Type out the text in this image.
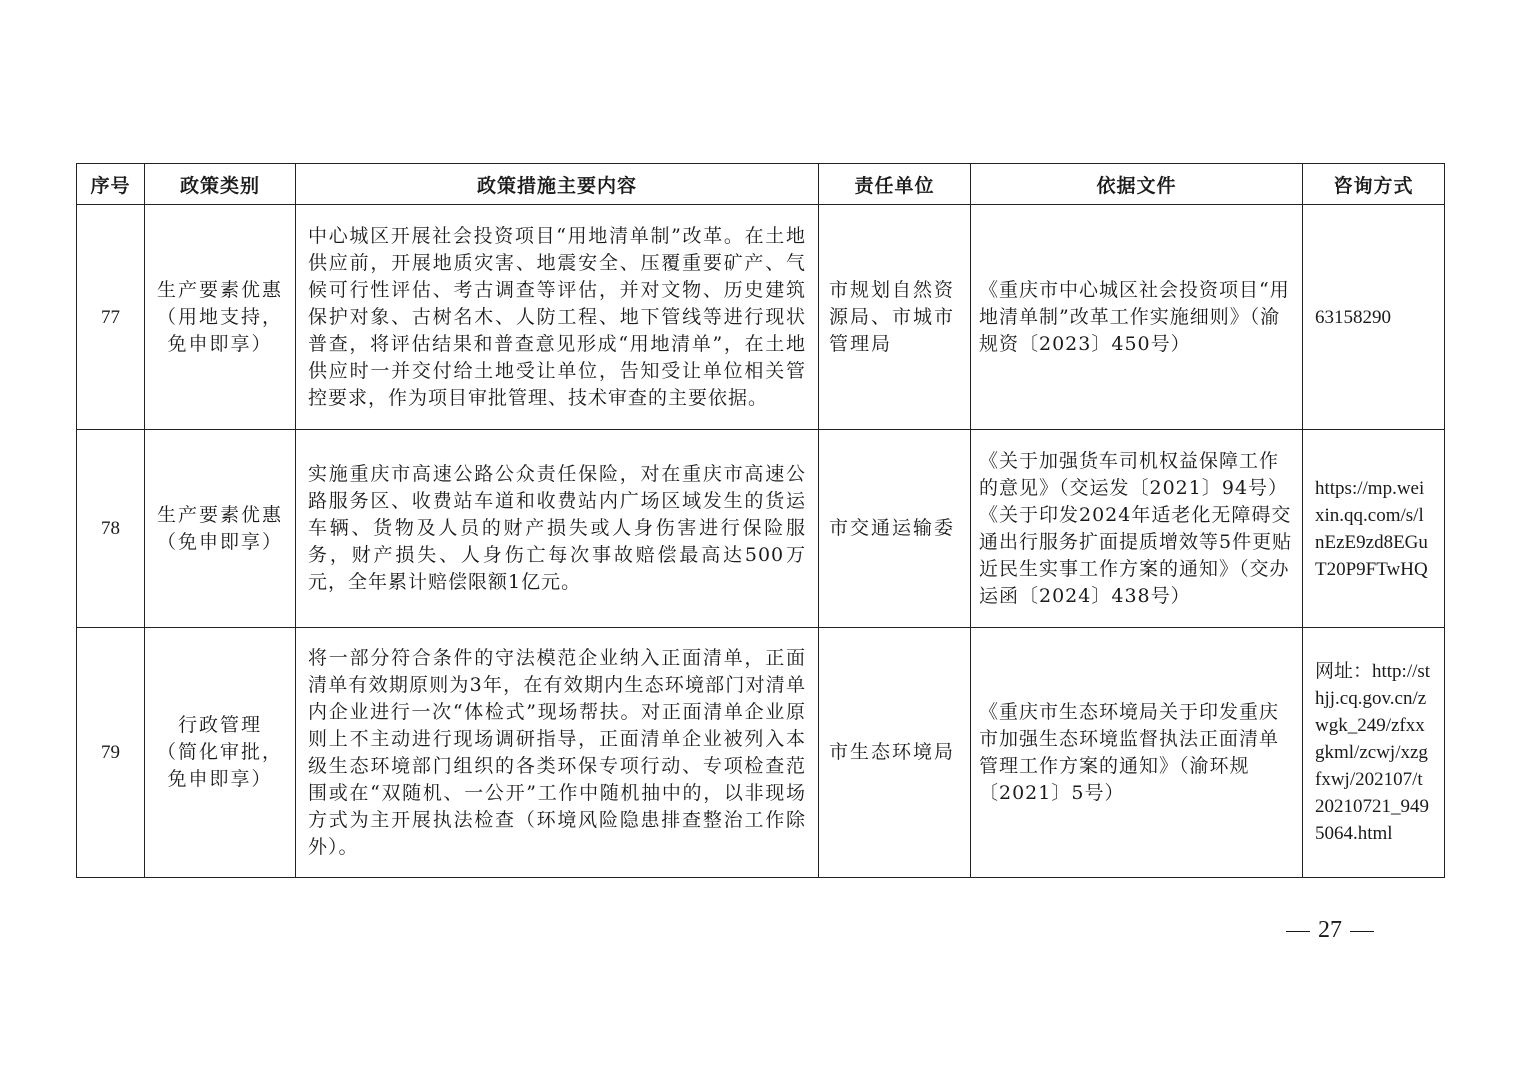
序号	政策类别	政策措施主要内容	责任单位	依据文件	咨询方式
77	生产要素优惠
（用地支持，
免申即享）	中心城区开展社会投资项目“用地清单制”改革。在土地供应前，开展地质灾害、地震安全、压覆重要矿产、气候可行性评估、考古调查等评估，并对文物、历史建筑保护对象、古树名木、人防工程、地下管线等进行现状普查，将评估结果和普查意见形成“用地清单”，在土地供应时一并交付给土地受让单位，告知受让单位相关管控要求，作为项目审批管理、技术审查的主要依据。	市规划自然资源局、市城市管理局	《重庆市中心城区社会投资项目“用地清单制”改革工作实施细则》（渝规资〔2023〕450号）	63158290
78	生产要素优惠
（免申即享）	实施重庆市高速公路公众责任保险，对在重庆市高速公路服务区、收费站车道和收费站内广场区域发生的货运车辆、货物及人员的财产损失或人身伤害进行保险服务，财产损失、人身伤亡每次事故赔偿最高达500万元，全年累计赔偿限额1亿元。	市交通运输委	《关于加强货车司机权益保障工作的意见》（交运发〔2021〕94号）
《关于印发2024年适老化无障碍交通出行服务扩面提质增效等5件更贴近民生实事工作方案的通知》（交办运函〔2024〕438号）	https://mp.weixin.qq.com/s/lnEzE9zd8EGuT20P9FTwHQ
79	行政管理
（简化审批，
免申即享）	将一部分符合条件的守法模范企业纳入正面清单，正面清单有效期原则为3年，在有效期内生态环境部门对清单内企业进行一次“体检式”现场帮扶。对正面清单企业原则上不主动进行现场调研指导，正面清单企业被列入本级生态环境部门组织的各类环保专项行动、专项检查范围或在“双随机、一公开”工作中随机抽中的，以非现场方式为主开展执法检查（环境风险隐患排查整治工作除外）。	市生态环境局	《重庆市生态环境局关于印发重庆市加强生态环境监督执法正面清单管理工作方案的通知》（渝环规〔2021〕5号）	网址：http://sthjj.cq.gov.cn/zwgk_249/zfxxgkml/zcwj/xzgfxwj/202107/t20210721_9495064.html
27
